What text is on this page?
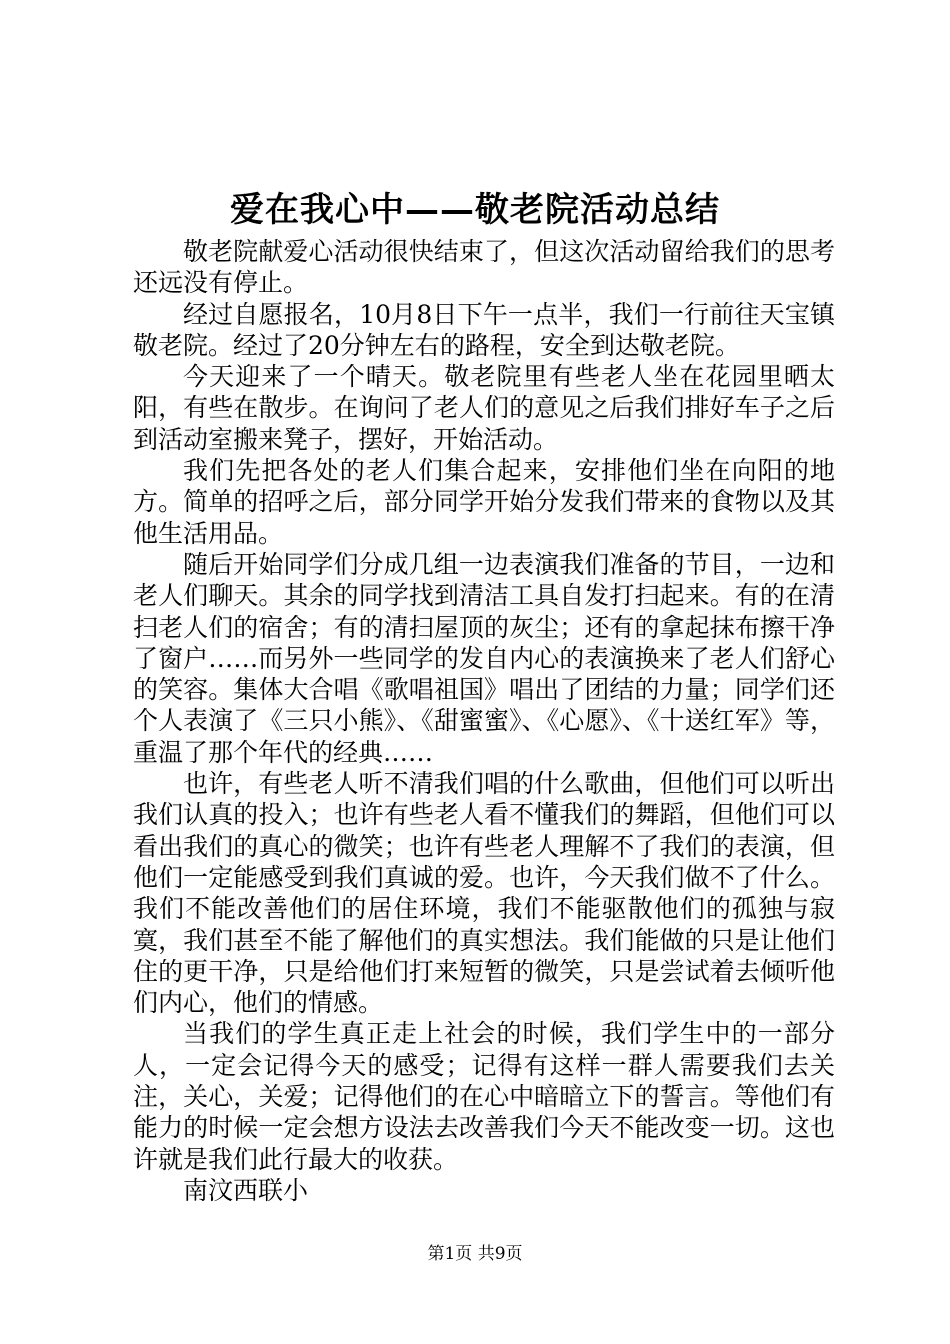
爱在我心中——敬老院活动总结

敬老院献爱心活动很快结束了，但这次活动留给我们的思考还远没有停止。

经过自愿报名，10月8日下午一点半，我们一行前往天宝镇敬老院。经过了20分钟左右的路程，安全到达敬老院。

今天迎来了一个晴天。敬老院里有些老人坐在花园里晒太阳，有些在散步。在询问了老人们的意见之后我们排好车子之后到活动室搬来凳子，摆好，开始活动。

我们先把各处的老人们集合起来，安排他们坐在向阳的地方。简单的招呼之后，部分同学开始分发我们带来的食物以及其他生活用品。

随后开始同学们分成几组一边表演我们准备的节目，一边和老人们聊天。其余的同学找到清洁工具自发打扫起来。有的在清扫老人们的宿舍；有的清扫屋顶的灰尘；还有的拿起抹布擦干净了窗户……而另外一些同学的发自内心的表演换来了老人们舒心的笑容。集体大合唱《歌唱祖国》唱出了团结的力量；同学们还个人表演了《三只小熊》、《甜蜜蜜》、《心愿》、《十送红军》等，重温了那个年代的经典……

也许，有些老人听不清我们唱的什么歌曲，但他们可以听出我们认真的投入；也许有些老人看不懂我们的舞蹈，但他们可以看出我们的真心的微笑；也许有些老人理解不了我们的表演，但他们一定能感受到我们真诚的爱。也许，今天我们做不了什么。我们不能改善他们的居住环境，我们不能驱散他们的孤独与寂寞，我们甚至不能了解他们的真实想法。我们能做的只是让他们住的更干净，只是给他们打来短暂的微笑，只是尝试着去倾听他们内心，他们的情感。

当我们的学生真正走上社会的时候，我们学生中的一部分人，一定会记得今天的感受；记得有这样一群人需要我们去关注，关心，关爱；记得他们的在心中暗暗立下的誓言。等他们有能力的时候一定会想方设法去改善我们今天不能改变一切。这也许就是我们此行最大的收获。

南汶西联小

第1页 共9页
